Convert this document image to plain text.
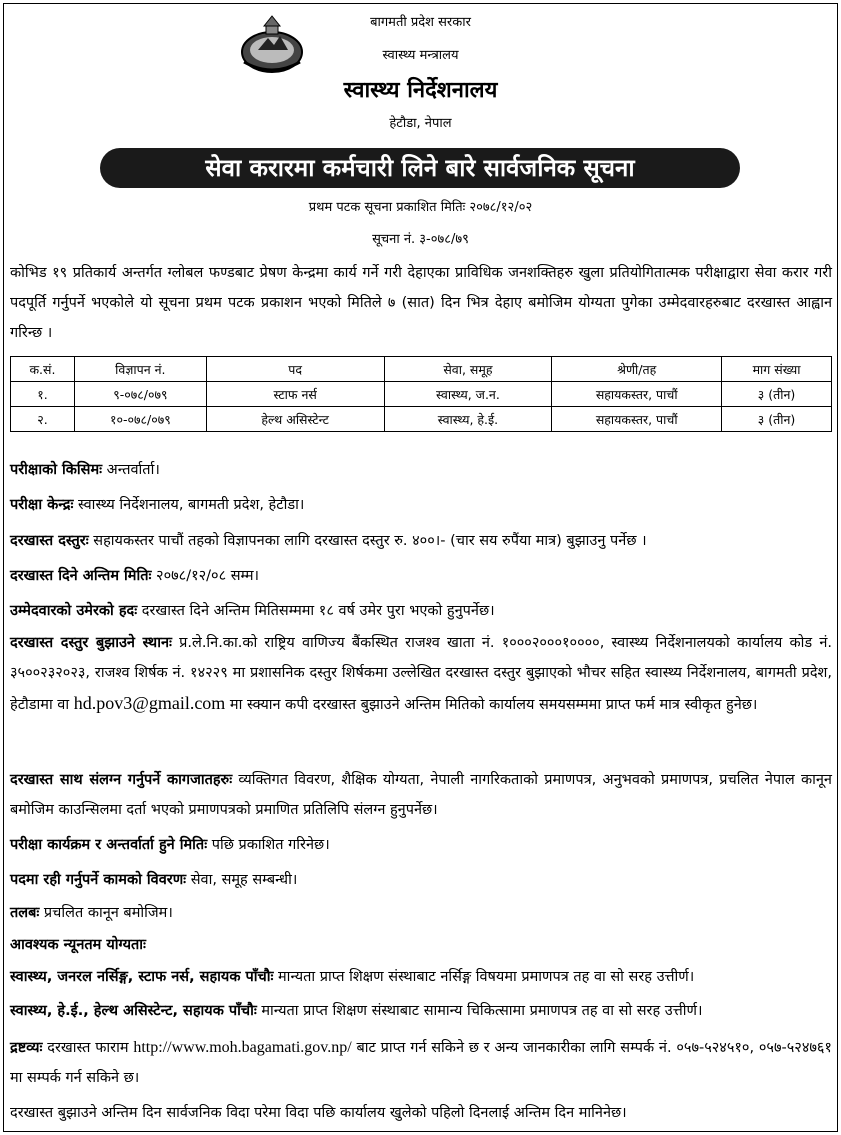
बागमती प्रदेश सरकार
स्वास्थ्य मन्त्रालय
स्वास्थ्य निर्देशनालय
हेटौडा, नेपाल
सेवा करारमा कर्मचारी लिने बारे सार्वजनिक सूचना
प्रथम पटक सूचना प्रकाशित मितिः २०७८/१२/०२
सूचना नं. ३-०७८/७९
कोभिड १९ प्रतिकार्य अन्तर्गत ग्लोबल फण्डबाट प्रेषण केन्द्रमा कार्य गर्ने गरी देहाएका प्राविधिक जनशक्तिहरु खुला प्रतियोगितात्मक परीक्षाद्वारा सेवा करार गरी पदपूर्ति गर्नुपर्ने भएकोले यो सूचना प्रथम पटक प्रकाशन भएको मितिले ७ (सात) दिन भित्र देहाए बमोजिम योग्यता पुगेका उम्मेदवारहरुबाट दरखास्त आह्वान गरिन्छ ।
क.सं.	विज्ञापन नं.	पद	सेवा, समूह	श्रेणी/तह	माग संख्या
१.	९-०७८/०७९	स्टाफ नर्स	स्वास्थ्य, ज.न.	सहायकस्तर, पाचौं	३ (तीन)
२.	१०-०७८/०७९	हेल्थ असिस्टेन्ट	स्वास्थ्य, हे.ई.	सहायकस्तर, पाचौं	३ (तीन)
परीक्षाको किसिमः अन्तर्वार्ता।
परीक्षा केन्द्रः स्वास्थ्य निर्देशनालय, बागमती प्रदेश, हेटौडा।
दरखास्त दस्तुरः सहायकस्तर पाचौं तहको विज्ञापनका लागि दरखास्त दस्तुर रु. ४००।- (चार सय रुपैंया मात्र) बुझाउनु पर्नेछ ।
दरखास्त दिने अन्तिम मितिः २०७८/१२/०८ सम्म।
उम्मेदवारको उमेरको हदः दरखास्त दिने अन्तिम मितिसम्ममा १८ वर्ष उमेर पुरा भएको हुनुपर्नेछ।
दरखास्त दस्तुर बुझाउने स्थानः प्र.ले.नि.का.को राष्ट्रिय वाणिज्य बैंकस्थित राजश्व खाता नं. १०००२०००१००००, स्वास्थ्य निर्देशनालयको कार्यालय कोड नं. ३५००२३२०२३, राजश्व शिर्षक नं. १४२२९ मा प्रशासनिक दस्तुर शिर्षकमा उल्लेखित दरखास्त दस्तुर बुझाएको भौचर सहित स्वास्थ्य निर्देशनालय, बागमती प्रदेश, हेटौडामा वा hd.pov3@gmail.com मा स्क्यान कपी दरखास्त बुझाउने अन्तिम मितिको कार्यालय समयसम्ममा प्राप्त फर्म मात्र स्वीकृत हुनेछ।
दरखास्त साथ संलग्न गर्नुपर्ने कागजातहरुः व्यक्तिगत विवरण, शैक्षिक योग्यता, नेपाली नागरिकताको प्रमाणपत्र, अनुभवको प्रमाणपत्र, प्रचलित नेपाल कानून बमोजिम काउन्सिलमा दर्ता भएको प्रमाणपत्रको प्रमाणित प्रतिलिपि संलग्न हुनुपर्नेछ।
परीक्षा कार्यक्रम र अन्तर्वार्ता हुने मितिः पछि प्रकाशित गरिनेछ।
पदमा रही गर्नुपर्ने कामको विवरणः सेवा, समूह सम्बन्धी।
तलबः प्रचलित कानून बमोजिम।
आवश्यक न्यूनतम योग्यताः
स्वास्थ्य, जनरल नर्सिङ्ग, स्टाफ नर्स, सहायक पाँचौः मान्यता प्राप्त शिक्षण संस्थाबाट नर्सिङ्ग विषयमा प्रमाणपत्र तह वा सो सरह उत्तीर्ण।
स्वास्थ्य, हे.ई., हेल्थ असिस्टेन्ट, सहायक पाँचौः मान्यता प्राप्त शिक्षण संस्थाबाट सामान्य चिकित्सामा प्रमाणपत्र तह वा सो सरह उत्तीर्ण।
द्रष्टव्यः दरखास्त फाराम http://www.moh.bagamati.gov.np/ बाट प्राप्त गर्न सकिने छ र अन्य जानकारीका लागि सम्पर्क नं. ०५७-५२४५१०, ०५७-५२४७६१ मा सम्पर्क गर्न सकिने छ।
दरखास्त बुझाउने अन्तिम दिन सार्वजनिक विदा परेमा विदा पछि कार्यालय खुलेको पहिलो दिनलाई अन्तिम दिन मानिनेछ।
